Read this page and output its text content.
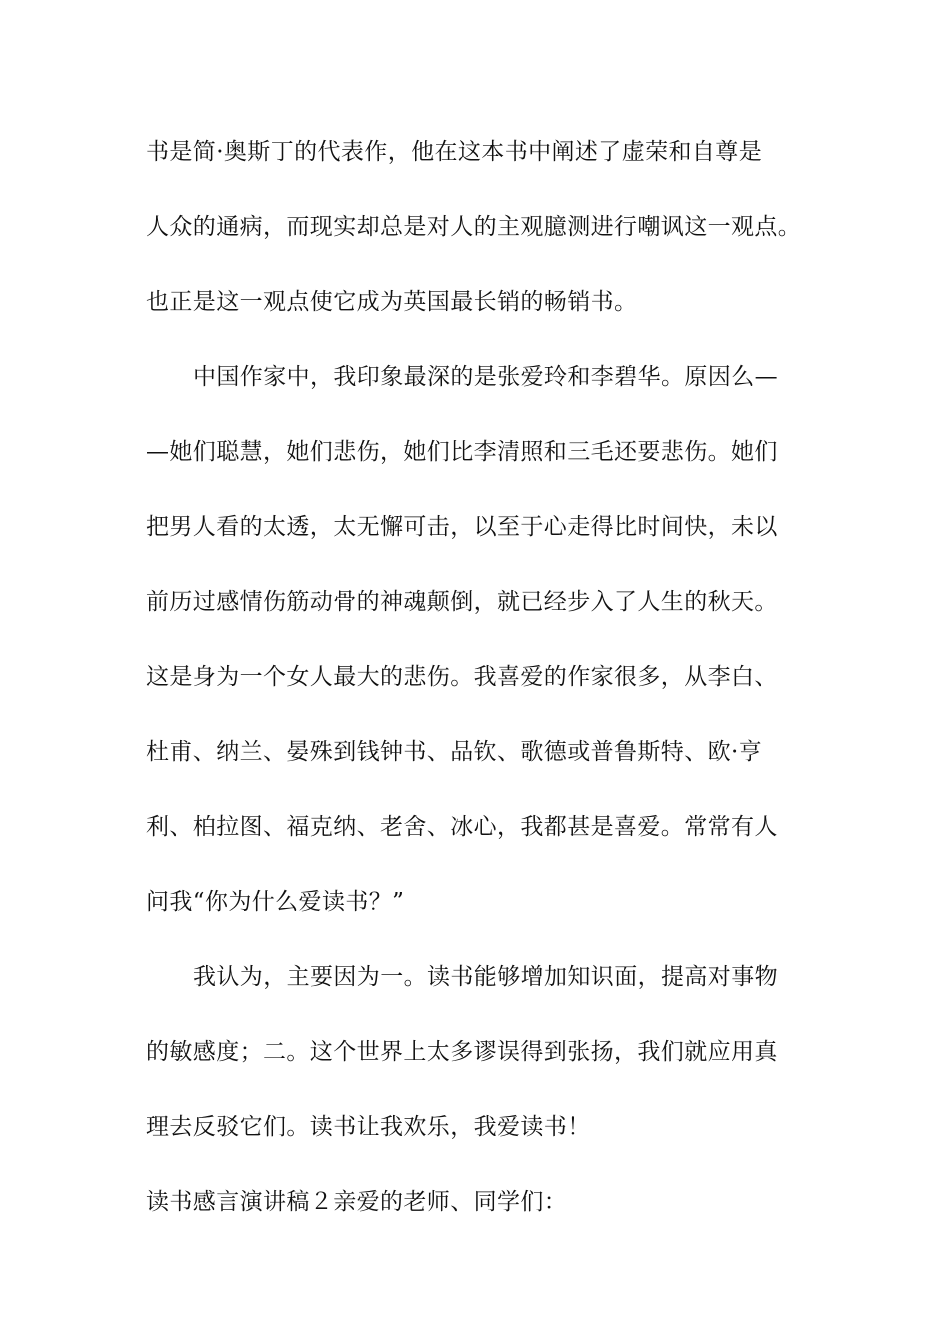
书是简·奥斯丁的代表作，他在这本书中阐述了虚荣和自尊是
人众的通病，而现实却总是对人的主观臆测进行嘲讽这一观点。
也正是这一观点使它成为英国最长销的畅销书。
中国作家中，我印象最深的是张爱玲和李碧华。原因么—
—她们聪慧，她们悲伤，她们比李清照和三毛还要悲伤。她们
把男人看的太透，太无懈可击，以至于心走得比时间快，未以
前历过感情伤筋动骨的神魂颠倒，就已经步入了人生的秋天。
这是身为一个女人最大的悲伤。我喜爱的作家很多，从李白、
杜甫、纳兰、晏殊到钱钟书、品钦、歌德或普鲁斯特、欧·亨
利、柏拉图、福克纳、老舍、冰心，我都甚是喜爱。常常有人
问我“你为什么爱读书？”
我认为，主要因为一。读书能够增加知识面，提高对事物
的敏感度；二。这个世界上太多谬误得到张扬，我们就应用真
理去反驳它们。读书让我欢乐，我爱读书！
读书感言演讲稿２亲爱的老师、同学们：
